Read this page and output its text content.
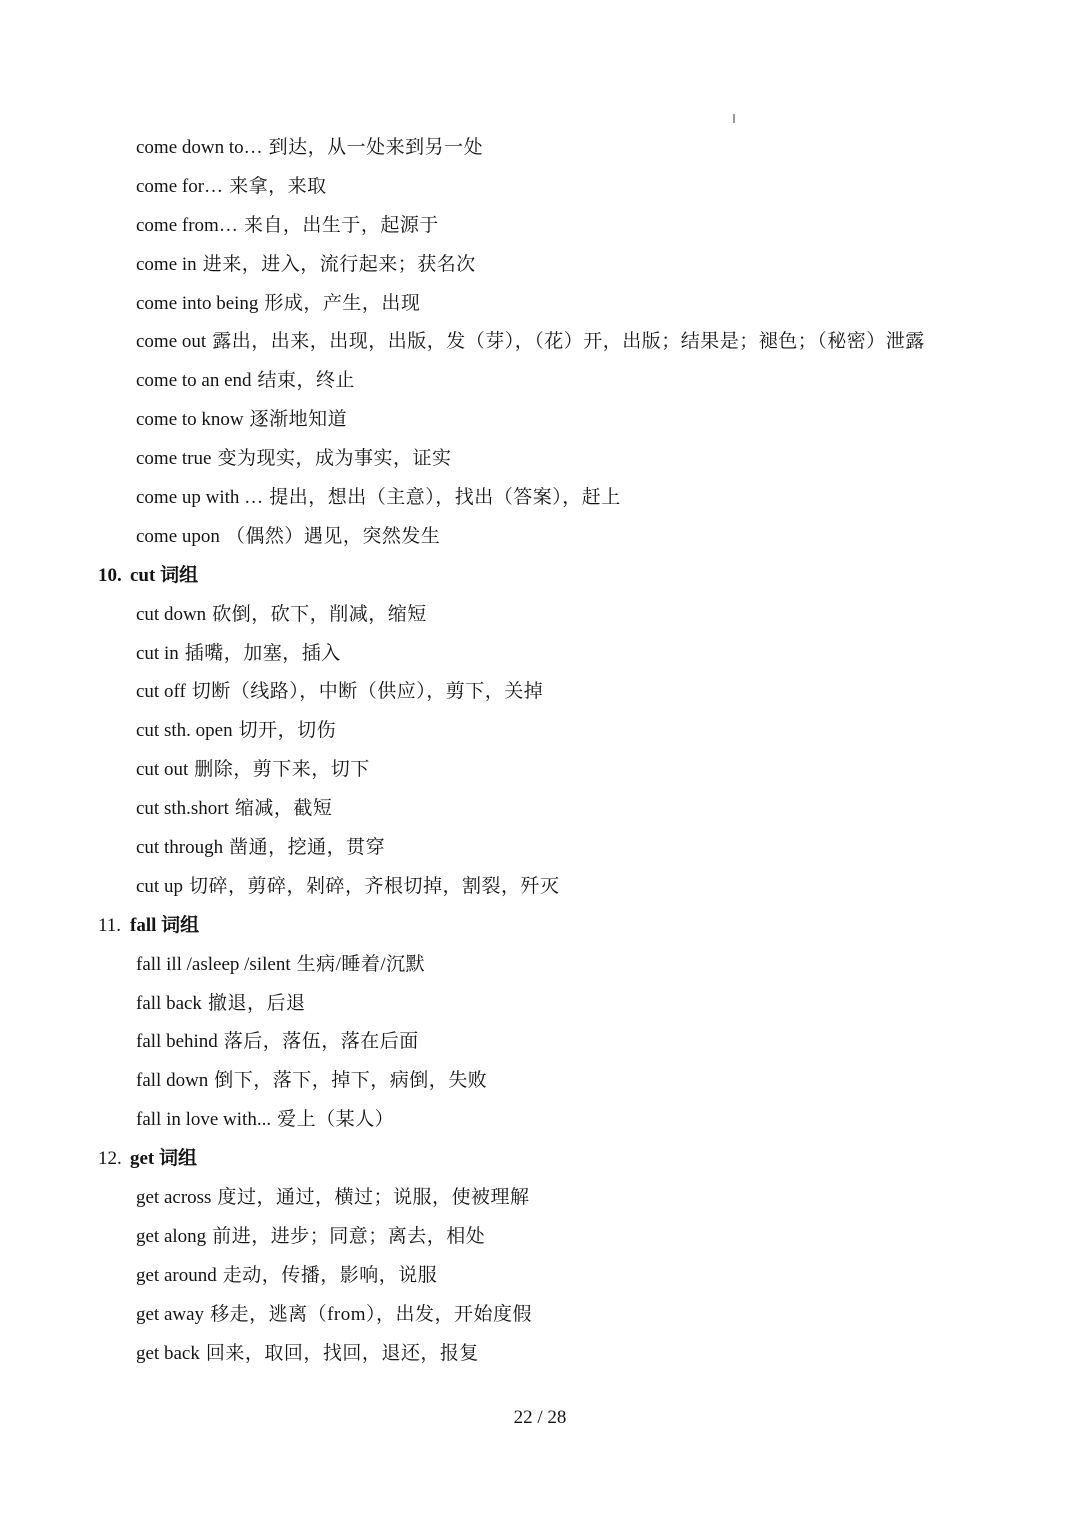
come down to… 到达，从一处来到另一处
come for… 来拿，来取
come from… 来自，出生于，起源于
come in 进来，进入，流行起来；获名次
come into being 形成，产生，出现
come out 露出，出来，出现，出版，发（芽），（花）开，出版；结果是；褪色；（秘密）泄露
come to an end 结束，终止
come to know 逐渐地知道
come true 变为现实，成为事实，证实
come up with … 提出，想出（主意），找出（答案），赶上
come upon （偶然）遇见，突然发生
10. cut 词组
cut down 砍倒，砍下，削减，缩短
cut in 插嘴，加塞，插入
cut off 切断（线路），中断（供应），剪下，关掉
cut sth. open 切开，切伤
cut out 删除，剪下来，切下
cut sth.short 缩减，截短
cut through 凿通，挖通，贯穿
cut up 切碎，剪碎，剁碎，齐根切掉，割裂，歼灭
11. fall 词组
fall ill /asleep /silent 生病/睡着/沉默
fall back 撤退，后退
fall behind 落后，落伍，落在后面
fall down 倒下，落下，掉下，病倒，失败
fall in love with... 爱上（某人）
12. get 词组
get across 度过，通过，横过；说服，使被理解
get along 前进，进步；同意；离去，相处
get around 走动，传播，影响，说服
get away 移走，逃离（from），出发，开始度假
get back 回来，取回，找回，退还，报复
22 / 28
